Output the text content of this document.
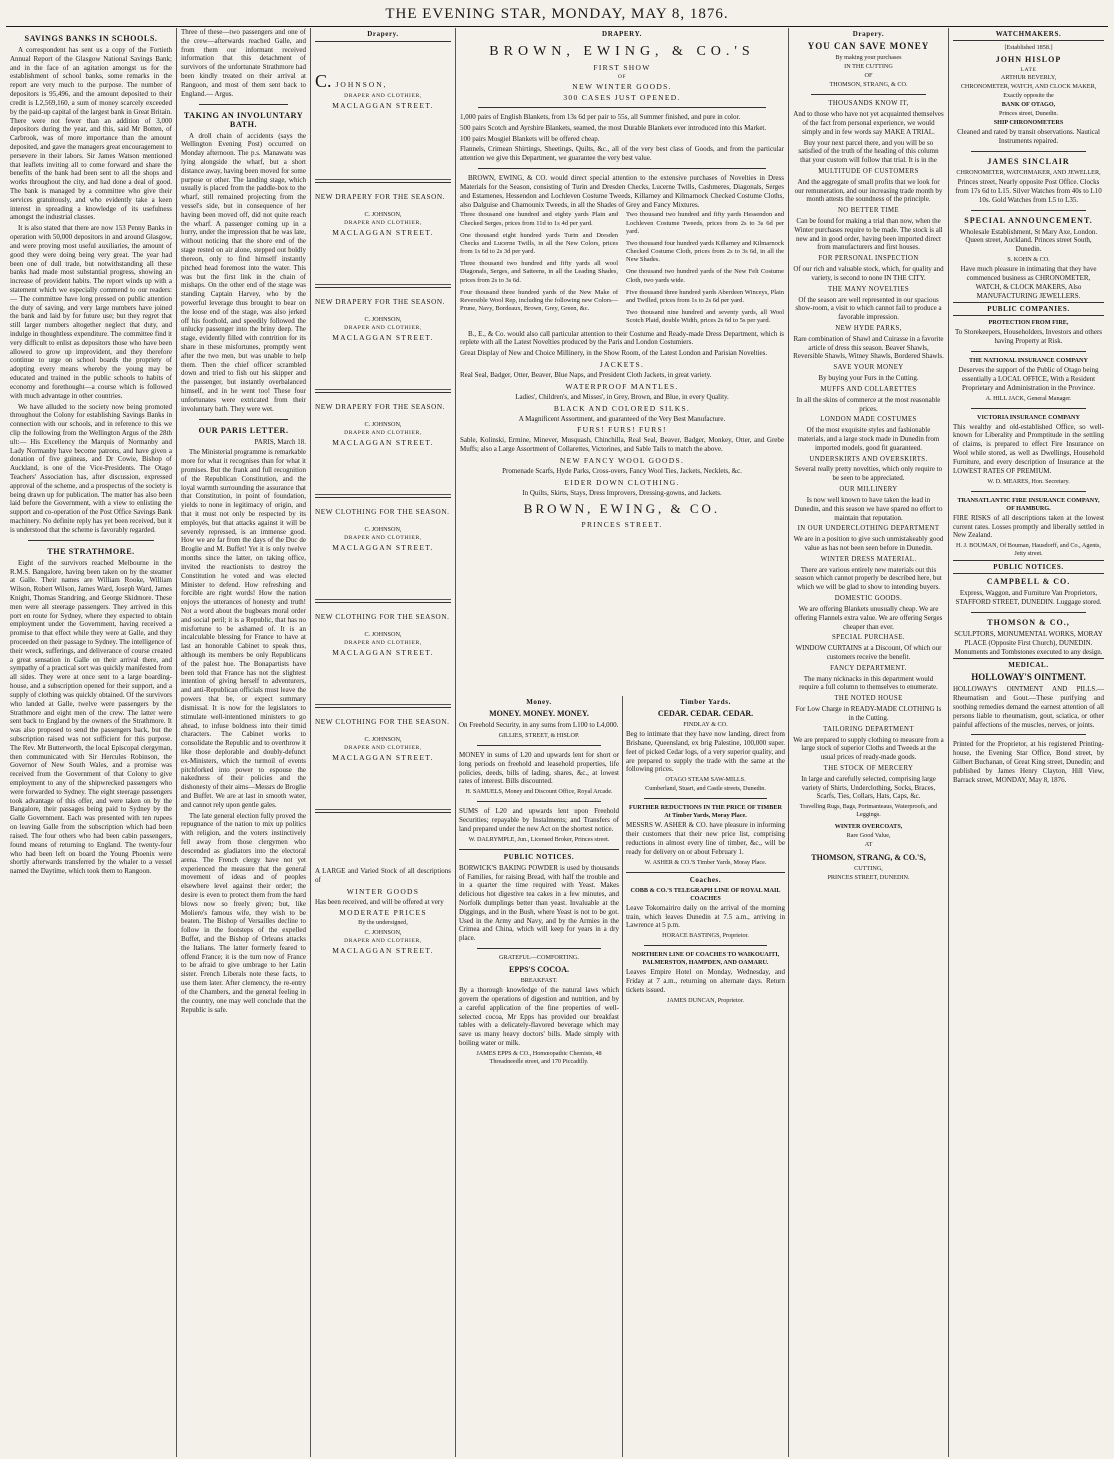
THE EVENING STAR, MONDAY, MAY 8, 1876.
SAVINGS BANKS IN SCHOOLS.

A correspondent has sent us a copy of the Fortieth Annual Report of the Glasgow National Savings Bank; and in the face of an agitation amongst us for the establishment of school banks, some remarks in the report are very much to the purpose. The number of depositors is 95,496, and the amount deposited to their credit is L2,569,160, a sum of money scarcely exceeded by the paid-up capital of the largest bank in Great Britain. There were not fewer than an addition of 3,000 depositors during the year, and this, said Mr Botten, of Carbrook, was of more importance than the amount deposited, and gave the managers great encouragement to persevere in their labors. Sir James Watson mentioned that leaflets inviting all to come forward and share the benefits of the bank had been sent to all the shops and works throughout the city, and had done a deal of good. The bank is managed by a committee who give their services gratuitously, and who evidently take a keen interest in spreading a knowledge of its usefulness amongst the industrial classes.

It is also stated that there are now 153 Penny Banks in operation with 50,000 depositors in and around Glasgow, and were proving most useful auxiliaries, the amount of good they were doing being very great. The year had been one of dull trade, but notwithstanding all these banks had made most substantial progress, showing an increase of provident habits. The report winds up with a statement which we especially commend to our readers:— The committee have long pressed on public attention the duty of saving, and very large numbers have joined the bank and laid by for future use; but they regret that still larger numbers altogether neglect that duty, and indulge in thoughtless expenditure. The committee find it very difficult to enlist as depositors those who have been allowed to grow up improvident, and they therefore continue to urge on school boards the propriety of adopting every means whereby the young may be educated and trained in the public schools to habits of economy and forethought—a course which is followed with much advantage in other countries.

We have alluded to the society now being promoted throughout the Colony for establishing Savings Banks in connection with our schools, and in reference to this we clip the following from the Wellington Argus of the 28th ult:— His Excellency the Marquis of Normanby and Lady Normanby have become patrons, and have given a donation of five guineas, and Dr Cowie, Bishop of Auckland, is one of the Vice-Presidents. The Otago Teachers' Association has, after discussion, expressed approval of the scheme, and a prospectus of the society is being drawn up for publication. The matter has also been laid before the Government, with a view to enlisting the support and co-operation of the Post Office Savings Bank machinery. No definite reply has yet been received, but it is understood that the scheme is favorably regarded.

THE STRATHMORE.

Eight of the survivors reached Melbourne in the R.M.S. Bangalore, having been taken on by the steamer at Galle. Their names are William Rooke, William Wilson, Robert Wilson, James Ward, Joseph Ward, James Knight, Thomas Standring, and George Skidmore. These men were all steerage passengers. They arrived in this port en route for Sydney, where they expected to obtain employment under the Government, having received a promise to that effect while they were at Galle, and they proceeded on their passage to Sydney. The intelligence of their wreck, sufferings, and deliverance of course created a great sensation in Galle on their arrival there, and sympathy of a practical sort was quickly manifested from all sides. They were at once sent to a large boarding-house, and a subscription opened for their support, and a supply of clothing was quickly obtained. Of the survivors who landed at Galle, twelve were passengers by the Strathmore and eight men of the crew. The latter were sent back to England by the owners of the Strathmore. It was also proposed to send the passengers back, but the subscription raised was not sufficient for this purpose. The Rev. Mr Butterworth, the local Episcopal clergyman, then communicated with Sir Hercules Robinson, the Governor of New South Wales, and a promise was received from the Government of that Colony to give employment to any of the shipwrecked passengers who were forwarded to Sydney. The eight steerage passengers took advantage of this offer, and were taken on by the Bangalore, their passages being paid to Sydney by the Galle Government. Each was presented with ten rupees on leaving Galle from the subscription which had been raised. The four others who had been cabin passengers, found means of returning to England. The twenty-four who had been left on board the Young Phoenix were shortly afterwards transferred by the whaler to a vessel named the Daytime, which took them to Rangoon.

Three of these—two passengers and one of the crew—afterwards reached Galle, and from them our informant received information that this detachment of survivors of the unfortunate Strathmore had been kindly treated on their arrival at Rangoon, and most of them sent back to England.— Argus.

TAKING AN INVOLUNTARY BATH.

A droll chain of accidents (says the Wellington Evening Post) occurred on Monday afternoon. The p.s. Manawatu was lying alongside the wharf, but a short distance away, having been moved for some purpose or other. The landing stage, which usually is placed from the paddle-box to the wharf, still remained projecting from the vessel's side, but in consequence of her having been moved off, did not quite reach the wharf. A passenger coming up in a hurry, under the impression that he was late, without noticing that the shore end of the stage rested on air alone, stepped out boldly thereon, only to find himself instantly pitched head foremost into the water. This was but the first link in the chain of mishaps. On the other end of the stage was standing Captain Harvey, who by the powerful leverage thus brought to bear on the loose end of the stage, was also jerked off his foothold, and speedily followed the unlucky passenger into the briny deep. The stage, evidently filled with contrition for its share in these misfortunes, promptly went after the two men, but was unable to help them. Then the chief officer scrambled down and tried to fish out his skipper and the passenger, but instantly overbalanced himself, and in he went too! These four unfortunates were extricated from their involuntary bath. They were wet.

OUR PARIS LETTER.
PARIS, March 18.

The Ministerial programme is remarkable more for what it recognises than for what it promises. But the frank and full recognition of the Republican Constitution, and the loyal warmth surrounding the assurance that that Constitution, in point of foundation, yields to none in legitimacy of origin, and that it must not only be respected by its employés, but that attacks against it will be severely repressed, is an immense good. How we are far from the days of the Duc de Broglie and M. Buffet! Yet it is only twelve months since the latter, on taking office, invited the reactionists to destroy the Constitution he voted and was elected Minister to defend. How refreshing and forcible are right words! How the nation enjoys the utterances of honesty and truth! Not a word about the bugbears moral order and social peril; it is a Republic, that has no misfortune to be ashamed of. It is an incalculable blessing for France to have at last an honorable Cabinet to speak thus, although its members be only Republicans of the palest hue. The Bonapartists have been told that France has not the slightest intention of giving herself to adventurers, and anti-Republican officials must leave the powers that be, or expect summary dismissal. It is now for the legislators to stimulate well-intentioned ministers to go ahead, to infuse boldness into their timid characters. The Cabinet works to consolidate the Republic and to overthrow it like those deplorable and doubly-defunct ex-Ministers, which the turmoil of events pitchforked into power to espouse the nakedness of their policies and the dishonesty of their aims—Messrs de Broglie and Buffet. We are at last in smooth water, and cannot rely upon gentle gales.

The late general election fully proved the repugnance of the nation to mix up politics with religion, and the voters instinctively fell away from those clergymen who descended as gladiators into the electoral arena. The French clergy have not yet experienced the measure that the general movement of ideas and of peoples elsewhere level against their order; the desire is even to protect them from the hard blows now so freely given; but, like Moliere's famous wife, they wish to be beaten. The Bishop of Versailles decline to follow in the footsteps of the expelled Buffet, and the Bishop of Orleans attacks the Italians. The latter formerly feared to offend France; it is the turn now of France to be afraid to give umbrage to her Latin sister. French Liberals note these facts, to use them later. After clemency, the re-entry of the Chambers, and the general feeling in the country, one may well conclude that the Republic is safe.

Drapery.
C. JOHNSON,
DRAPER AND CLOTHIER,
MACLAGGAN STREET.
NEW DRAPERY FOR THE SEASON.
C. JOHNSON,
DRAPER AND CLOTHIER,
MACLAGGAN STREET.
NEW DRAPERY FOR THE SEASON.
C. JOHNSON,
DRAPER AND CLOTHIER,
MACLAGGAN STREET.
NEW DRAPERY FOR THE SEASON.
C. JOHNSON,
DRAPER AND CLOTHIER,
MACLAGGAN STREET.
NEW CLOTHING FOR THE SEASON.
C. JOHNSON,
DRAPER AND CLOTHIER,
MACLAGGAN STREET.
NEW CLOTHING FOR THE SEASON.
C. JOHNSON,
DRAPER AND CLOTHIER,
MACLAGGAN STREET.
NEW CLOTHING FOR THE SEASON.
C. JOHNSON,
DRAPER AND CLOTHIER,
MACLAGGAN STREET.

A LARGE and Varied Stock of all descriptions of

WINTER GOODS

Has been received, and will be offered at very

MODERATE PRICES
By the undersigned,
C. JOHNSON,
DRAPER AND CLOTHIER,
MACLAGGAN STREET.
DRAPERY.
BROWN, EWING, & CO.'S
FIRST SHOW
OF
NEW WINTER GOODS.
300 CASES JUST OPENED.

1,000 pairs of English Blankets, from 13s 6d per pair to 55s, all Summer finished, and pure in color.

500 pairs Scotch and Ayrshire Blankets, seamed, the most Durable Blankets ever introduced into this Market.

100 pairs Mosgiel Blankets will be offered cheap.

Flannels, Crimean Shirtings, Sheetings, Quilts, &c., all of the very best class of Goods, and from the particular attention we give this Department, we guarantee the very best value.

BROWN, EWING, & CO. would direct special attention to the extensive purchases of Novelties in Dress Materials for the Season, consisting of Turin and Dresden Checks, Lucerne Twills, Cashmeres, Diagonals, Serges and Estamenes, Hessendon and Lochleven Costume Tweeds, Killarney and Kilmarnock Checked Costume Cloths, also Dalguise and Chamounix Tweeds, in all the Shades of Grey and Fancy Mixtures.

Three thousand one hundred and eighty yards Plain and Checked Serges, prices from 11d to 1s 4d per yard.

One thousand eight hundred yards Turin and Dresden Checks and Lucerne Twills, in all the New Colors, prices from 1s 6d to 2s 3d per yard.

Three thousand two hundred and fifty yards all wool Diagonals, Serges, and Satteens, in all the Leading Shades, prices from 2s to 3s 6d.

Four thousand three hundred yards of the New Make of Reversible Wool Rep, including the following new Colors—Prune, Navy, Bordeaux, Brown, Grey, Green, &c.

Two thousand two hundred and fifty yards Hessendon and Lochleven Costume Tweeds, prices from 2s to 3s 6d per yard.

Two thousand four hundred yards Killarney and Kilmarnock Checked Costume Cloth, prices from 2s to 3s 6d, in all the New Shades.

One thousand two hundred yards of the New Felt Costume Cloth, two yards wide.

Five thousand three hundred yards Aberdeen Winceys, Plain and Twilled, prices from 1s to 2s 6d per yard.

Two thousand nine hundred and seventy yards, all Wool Scotch Plaid, double Width, prices 2s 6d to 5s per yard.

B., E., & Co. would also call particular attention to their Costume and Ready-made Dress Department, which is replete with all the Latest Novelties produced by the Paris and London Costumiers.

Great Display of New and Choice Millinery, in the Show Room, of the Latest London and Parisian Novelties.

JACKETS.

Real Seal, Badger, Otter, Beaver, Blue Naps, and President Cloth Jackets, in great variety.

WATERPROOF MANTLES.

Ladies', Children's, and Misses', in Grey, Brown, and Blue, in every Quality.

BLACK AND COLORED SILKS.

A Magnificent Assortment, and guaranteed of the Very Best Manufacture.

FURS! FURS! FURS!

Sable, Kolinski, Ermine, Minever, Musquash, Chinchilla, Real Seal, Beaver, Badger, Monkey, Otter, and Grebe Muffs; also a Large Assortment of Collarettes, Victorines, and Sable Tails to match the above.

NEW FANCY WOOL GOODS.

Promenade Scarfs, Hyde Parks, Cross-overs, Fancy Wool Ties, Jackets, Necklets, &c.

EIDER DOWN CLOTHING.

In Quilts, Skirts, Stays, Dress Improvers, Dressing-gowns, and Jackets.

BROWN, EWING, & CO.
PRINCES STREET.
Money.
MONEY. MONEY. MONEY.

On Freehold Security, in any sums from L100 to L4,000.

GILLIES, STREET, & HISLOP.

MONEY in sums of L20 and upwards lent for short or long periods on freehold and leasehold properties, life policies, deeds, bills of lading, shares, &c., at lowest rates of interest. Bills discounted.

H. SAMUELS, Money and Discount Office, Royal Arcade.

SUMS of L20 and upwards lent upon Freehold Securities; repayable by Instalments; and Transfers of land prepared under the new Act on the shortest notice.

W. DALRYMPLE, Jun., Licensed Broker, Princes street.
PUBLIC NOTICES.

BORWICK'S BAKING POWDER is used by thousands of Families, for raising Bread, with half the trouble and in a quarter the time required with Yeast. Makes delicious hot digestive tea cakes in a few minutes, and Norfolk dumplings better than yeast. Invaluable at the Diggings, and in the Bush, where Yeast is not to be got. Used in the Army and Navy, and by the Armies in the Crimea and China, which will keep for years in a dry place.

GRATEFUL—COMFORTING.
EPPS'S COCOA.
BREAKFAST.

By a thorough knowledge of the natural laws which govern the operations of digestion and nutrition, and by a careful application of the fine properties of well-selected cocoa, Mr Epps has provided our breakfast tables with a delicately-flavored beverage which may save us many heavy doctors' bills. Made simply with boiling water or milk.

JAMES EPPS & CO., Homœopathic Chemists, 48 Threadneedle street, and 170 Piccadilly.
Timber Yards.
CEDAR. CEDAR. CEDAR.
FINDLAY & CO.

Beg to intimate that they have now landing, direct from Brisbane, Queensland, ex brig Palestine, 100,000 super. feet of picked Cedar logs, of a very superior quality, and are prepared to supply the trade with the same at the following prices.

OTAGO STEAM SAW-MILLS.
Cumberland, Stuart, and Castle streets, Dunedin.
FURTHER REDUCTIONS IN THE PRICE OF TIMBER At Timber Yards, Moray Place.

MESSRS W. ASHER & CO. have pleasure in informing their customers that their new price list, comprising reductions in almost every line of timber, &c., will be ready for delivery on or about February 1.

W. ASHER & CO.'S Timber Yards, Moray Place.
Coaches.
COBB & CO.'S TELEGRAPH LINE OF ROYAL MAIL COACHES

Leave Tokomairiro daily on the arrival of the morning train, which leaves Dunedin at 7.5 a.m., arriving in Lawrence at 5 p.m.

HORACE BASTINGS, Proprietor.
NORTHERN LINE OF COACHES TO WAIKOUAITI, PALMERSTON, HAMPDEN, AND OAMARU.

Leaves Empire Hotel on Monday, Wednesday, and Friday at 7 a.m., returning on alternate days. Return tickets issued.

JAMES DUNCAN, Proprietor.
Drapery.
YOU CAN SAVE MONEY
By making your purchases
IN THE CUTTING
OF
THOMSON, STRANG, & CO.
THOUSANDS KNOW IT,

And to those who have not yet acquainted themselves of the fact from personal experience, we would simply and in few words say MAKE A TRIAL.

Buy your next parcel there, and you will be so satisfied of the truth of the heading of this column that your custom will follow that trial. It is in the

MULTITUDE OF CUSTOMERS

And the aggregate of small profits that we look for our remuneration, and our increasing trade month by month attests the soundness of the principle.

NO BETTER TIME

Can be found for making a trial than now, when the Winter purchases require to be made. The stock is all new and in good order, having been imported direct from manufacturers and first houses.

FOR PERSONAL INSPECTION

Of our rich and valuable stock, which, for quality and variety, is second to none IN THE CITY.

THE MANY NOVELTIES

Of the season are well represented in our spacious show-room, a visit to which cannot fail to produce a favorable impression.

NEW HYDE PARKS,

Rare combination of Shawl and Cuirasse in a favorite article of dress this season. Beaver Shawls, Reversible Shawls, Witney Shawls, Bordered Shawls.

SAVE YOUR MONEY

By buying your Furs in the Cutting.

MUFFS AND COLLARETTES

In all the skins of commerce at the most reasonable prices.

LONDON MADE COSTUMES

Of the most exquisite styles and fashionable materials, and a large stock made in Dunedin from imported models, good fit guaranteed.

UNDERSKIRTS AND OVERSKIRTS.

Several really pretty novelties, which only require to be seen to be appreciated.

OUR MILLINERY

Is now well known to have taken the lead in Dunedin, and this season we have spared no effort to maintain that reputation.

IN OUR UNDERCLOTHING DEPARTMENT

We are in a position to give such unmistakeably good value as has not been seen before in Dunedin.

WINTER DRESS MATERIAL.

There are various entirely new materials out this season which cannot properly be described here, but which we will be glad to show to intending buyers.

DOMESTIC GOODS.

We are offering Blankets unusually cheap. We are offering Flannels extra value. We are offering Serges cheaper than ever.

SPECIAL PURCHASE.

WINDOW CURTAINS at a Discount, Of which our customers receive the benefit.

FANCY DEPARTMENT.

The many nicknacks in this department would require a full column to themselves to enumerate.

THE NOTED HOUSE

For Low Charge in READY-MADE CLOTHING Is in the Cutting.

TAILORING DEPARTMENT

We are prepared to supply clothing to measure from a large stock of superior Cloths and Tweeds at the usual prices of ready-made goods.

THE STOCK OF MERCERY

In large and carefully selected, comprising large variety of Shirts, Underclothing, Socks, Braces, Scarfs, Ties, Collars, Hats, Caps, &c.

Travelling Rugs, Bags, Portmanteaus, Waterproofs, and Leggings.
WINTER OVERCOATS,
Rare Good Value,
AT
THOMSON, STRANG, & CO.'S,
CUTTING,
PRINCES STREET, DUNEDIN.
WATCHMAKERS.
[Established 1858.]
JOHN HISLOP
LATE
ARTHUR BEVERLY,
CHRONOMETER, WATCH, AND CLOCK MAKER,
Exactly opposite the
BANK OF OTAGO,
Princes street, Dunedin.
SHIP CHRONOMETERS

Cleaned and rated by transit observations. Nautical Instruments repaired.

JAMES SINCLAIR
CHRONOMETER, WATCHMAKER, AND JEWELLER,

Princes street, Nearly opposite Post Office. Clocks from 17s 6d to L15. Silver Watches from 40s to L10 10s. Gold Watches from L5 to L35.

SPECIAL ANNOUNCEMENT.

Wholesale Establishment, St Mary Axe, London. Queen street, Auckland. Princes street South, Dunedin.

S. KOHN & CO.

Have much pleasure in intimating that they have commenced business as CHRONOMETER, WATCH, & CLOCK MAKERS, Also MANUFACTURING JEWELLERS.

PUBLIC COMPANIES.
PROTECTION FROM FIRE,

To Storekeepers, Householders, Investors and others having Property at Risk.

THE NATIONAL INSURANCE COMPANY

Deserves the support of the Public of Otago being essentially a LOCAL OFFICE, With a Resident Proprietary and Administration in the Province.

A. HILL JACK, General Manager.
VICTORIA INSURANCE COMPANY

This wealthy and old-established Office, so well-known for Liberality and Promptitude in the settling of claims, is prepared to effect Fire Insurance on Wool while stored, as well as Dwellings, Household Furniture, and every description of Insurance at the LOWEST RATES OF PREMIUM.

W. D. MEARES, Hon. Secretary.
TRANSATLANTIC FIRE INSURANCE COMPANY, OF HAMBURG.

FIRE RISKS of all descriptions taken at the lowest current rates. Losses promptly and liberally settled in New Zealand.

H. J. BOUMAN, Of Bouman, Hausdorff, and Co., Agents, Jetty street.
PUBLIC NOTICES.
CAMPBELL & CO.

Express, Waggon, and Furniture Van Proprietors, STAFFORD STREET, DUNEDIN. Luggage stored.

THOMSON & CO.,

SCULPTORS, MONUMENTAL WORKS, MORAY PLACE (Opposite First Church), DUNEDIN. Monuments and Tombstones executed to any design.

MEDICAL.
HOLLOWAY'S OINTMENT.

HOLLOWAY'S OINTMENT AND PILLS.—Rheumatism and Gout.—These purifying and soothing remedies demand the earnest attention of all persons liable to rheumatism, gout, sciatica, or other painful affections of the muscles, nerves, or joints.

Printed for the Proprietor, at his registered Printing-house, the Evening Star Office, Bond street, by Gilbert Buchanan, of Great King street, Dunedin; and published by James Henry Clayton, Hill View, Barrack street, MONDAY, May 8, 1876.
